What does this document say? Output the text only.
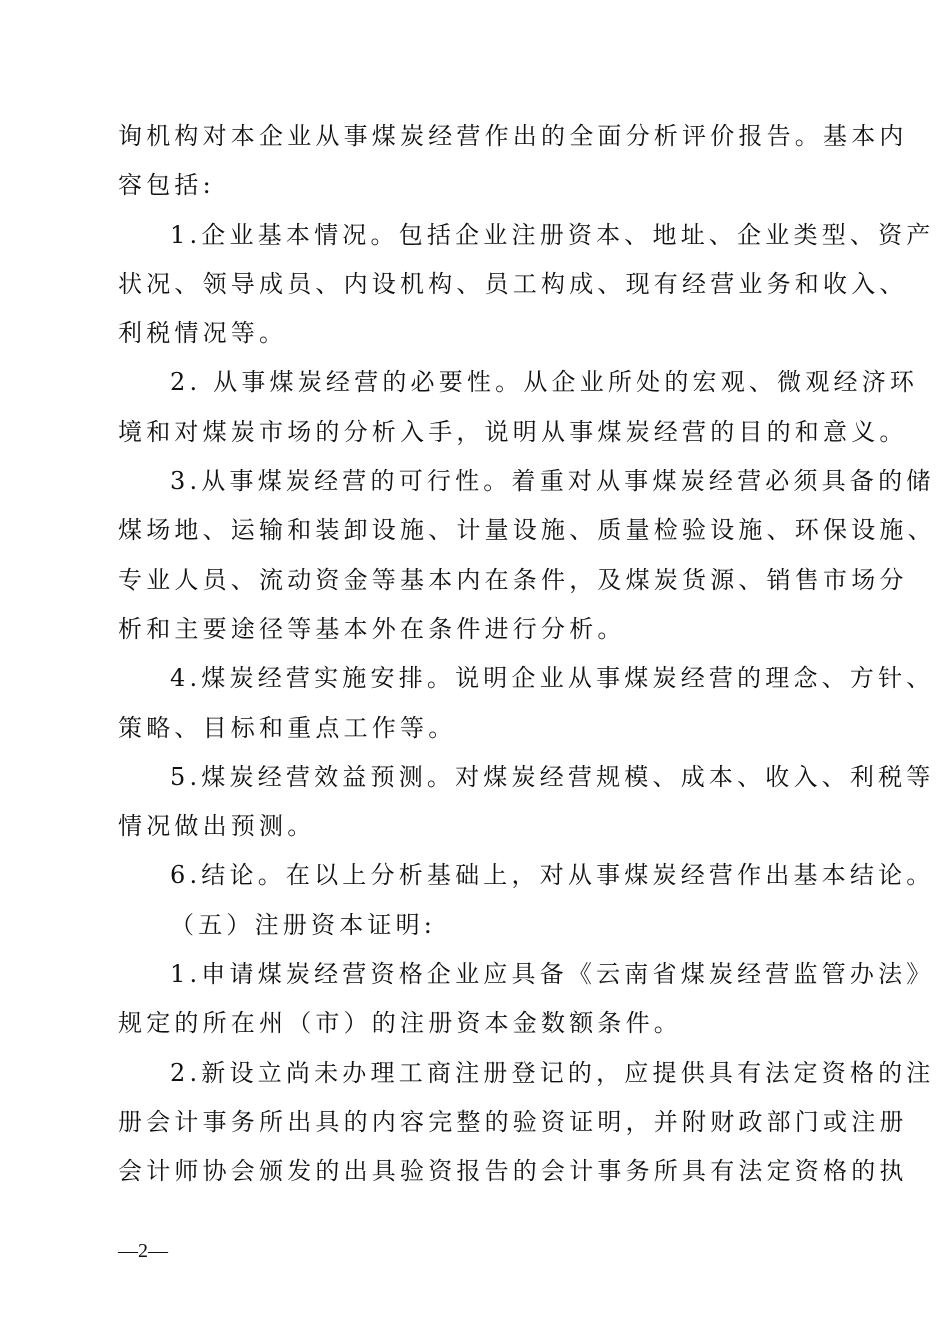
询机构对本企业从事煤炭经营作出的全面分析评价报告。基本内
容包括:
1.企业基本情况。包括企业注册资本、地址、企业类型、资产
状况、领导成员、内设机构、员工构成、现有经营业务和收入、
利税情况等。
2. 从事煤炭经营的必要性。从企业所处的宏观、微观经济环
境和对煤炭市场的分析入手，说明从事煤炭经营的目的和意义。
3.从事煤炭经营的可行性。着重对从事煤炭经营必须具备的储
煤场地、运输和装卸设施、计量设施、质量检验设施、环保设施、
专业人员、流动资金等基本内在条件，及煤炭货源、销售市场分
析和主要途径等基本外在条件进行分析。
4.煤炭经营实施安排。说明企业从事煤炭经营的理念、方针、
策略、目标和重点工作等。
5.煤炭经营效益预测。对煤炭经营规模、成本、收入、利税等
情况做出预测。
6.结论。在以上分析基础上，对从事煤炭经营作出基本结论。
（五）注册资本证明:
1.申请煤炭经营资格企业应具备《云南省煤炭经营监管办法》
规定的所在州（市）的注册资本金数额条件。
2.新设立尚未办理工商注册登记的，应提供具有法定资格的注
册会计事务所出具的内容完整的验资证明，并附财政部门或注册
会计师协会颁发的出具验资报告的会计事务所具有法定资格的执
—2—
